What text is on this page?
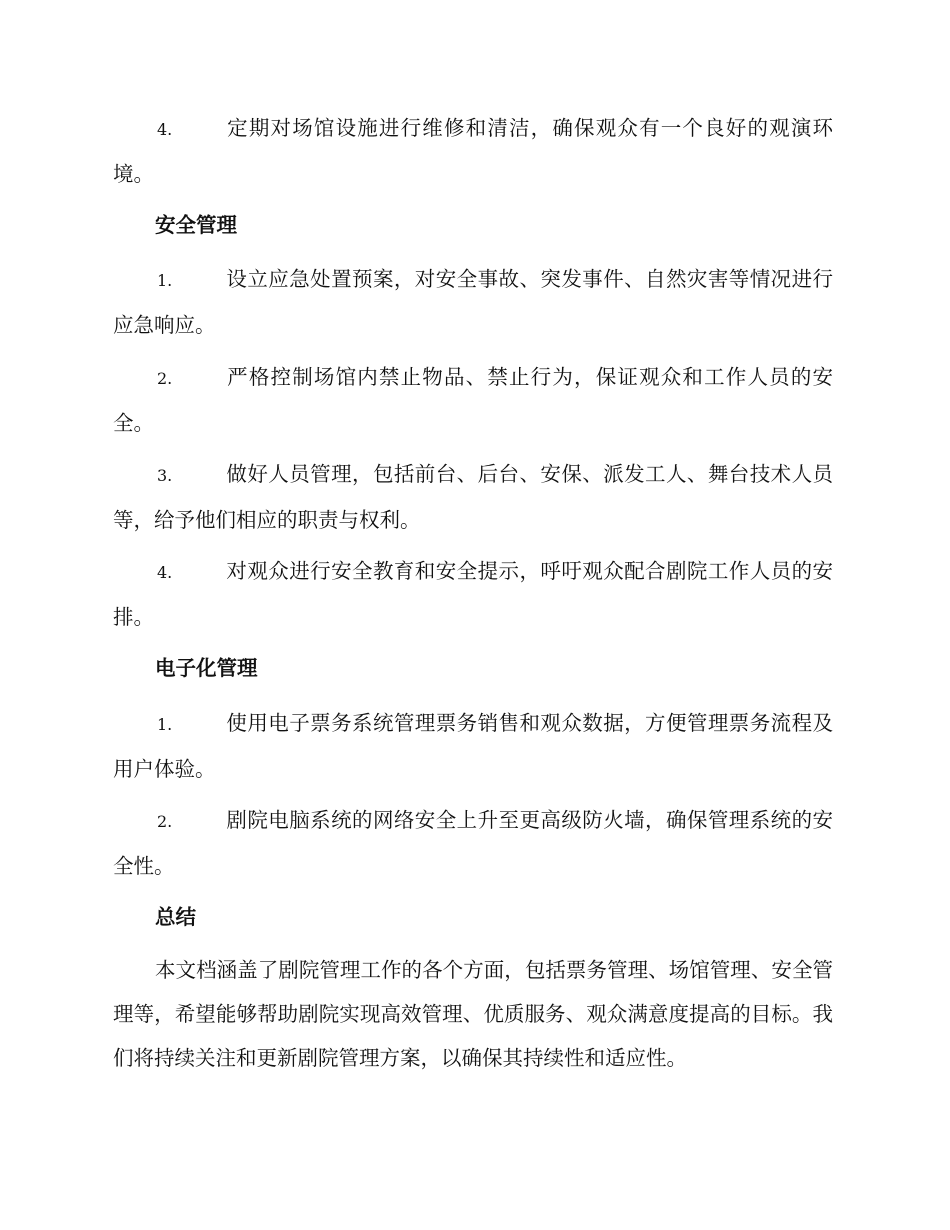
4.	定期对场馆设施进行维修和清洁，确保观众有一个良好的观演环境。
安全管理
1.	设立应急处置预案，对安全事故、突发事件、自然灾害等情况进行应急响应。
2.	严格控制场馆内禁止物品、禁止行为，保证观众和工作人员的安全。
3.	做好人员管理，包括前台、后台、安保、派发工人、舞台技术人员等，给予他们相应的职责与权利。
4.	对观众进行安全教育和安全提示，呼吁观众配合剧院工作人员的安排。
电子化管理
1.	使用电子票务系统管理票务销售和观众数据，方便管理票务流程及用户体验。
2.	剧院电脑系统的网络安全上升至更高级防火墙，确保管理系统的安全性。
总结
本文档涵盖了剧院管理工作的各个方面，包括票务管理、场馆管理、安全管理等，希望能够帮助剧院实现高效管理、优质服务、观众满意度提高的目标。我们将持续关注和更新剧院管理方案，以确保其持续性和适应性。
